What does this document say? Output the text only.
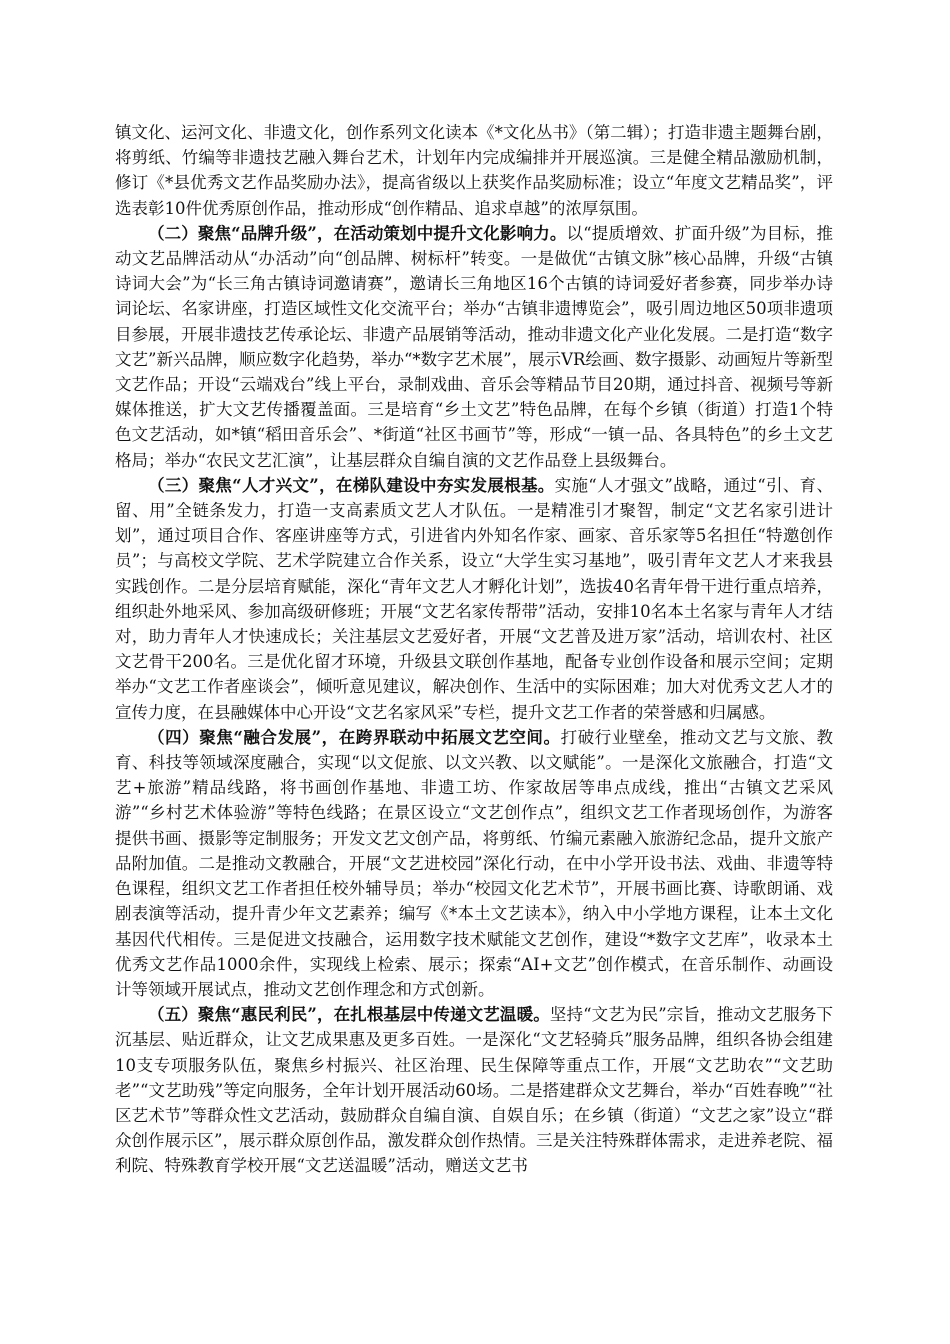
镇文化、运河文化、非遗文化，创作系列文化读本《*文化丛书》（第二辑）；打造非遗主题舞台剧，将剪纸、竹编等非遗技艺融入舞台艺术，计划年内完成编排并开展巡演。三是健全精品激励机制，修订《*县优秀文艺作品奖励办法》，提高省级以上获奖作品奖励标准；设立“年度文艺精品奖”，评选表彰10件优秀原创作品，推动形成“创作精品、追求卓越”的浓厚氛围。

（二）聚焦“品牌升级”，在活动策划中提升文化影响力。以“提质增效、扩面升级”为目标，推动文艺品牌活动从“办活动”向“创品牌、树标杆”转变。一是做优“古镇文脉”核心品牌，升级“古镇诗词大会”为“长三角古镇诗词邀请赛”，邀请长三角地区16个古镇的诗词爱好者参赛，同步举办诗词论坛、名家讲座，打造区域性文化交流平台；举办“古镇非遗博览会”，吸引周边地区50项非遗项目参展，开展非遗技艺传承论坛、非遗产品展销等活动，推动非遗文化产业化发展。二是打造“数字文艺”新兴品牌，顺应数字化趋势，举办“*数字艺术展”，展示VR绘画、数字摄影、动画短片等新型文艺作品；开设“云端戏台”线上平台，录制戏曲、音乐会等精品节目20期，通过抖音、视频号等新媒体推送，扩大文艺传播覆盖面。三是培育“乡土文艺”特色品牌，在每个乡镇（街道）打造1个特色文艺活动，如*镇“稻田音乐会”、*街道“社区书画节”等，形成“一镇一品、各具特色”的乡土文艺格局；举办“农民文艺汇演”，让基层群众自编自演的文艺作品登上县级舞台。

（三）聚焦“人才兴文”，在梯队建设中夯实发展根基。实施“人才强文”战略，通过“引、育、留、用”全链条发力，打造一支高素质文艺人才队伍。一是精准引才聚智，制定“文艺名家引进计划”，通过项目合作、客座讲座等方式，引进省内外知名作家、画家、音乐家等5名担任“特邀创作员”；与高校文学院、艺术学院建立合作关系，设立“大学生实习基地”，吸引青年文艺人才来我县实践创作。二是分层培育赋能，深化“青年文艺人才孵化计划”，选拔40名青年骨干进行重点培养，组织赴外地采风、参加高级研修班；开展“文艺名家传帮带”活动，安排10名本土名家与青年人才结对，助力青年人才快速成长；关注基层文艺爱好者，开展“文艺普及进万家”活动，培训农村、社区文艺骨干200名。三是优化留才环境，升级县文联创作基地，配备专业创作设备和展示空间；定期举办“文艺工作者座谈会”，倾听意见建议，解决创作、生活中的实际困难；加大对优秀文艺人才的宣传力度，在县融媒体中心开设“文艺名家风采”专栏，提升文艺工作者的荣誉感和归属感。

（四）聚焦“融合发展”，在跨界联动中拓展文艺空间。打破行业壁垒，推动文艺与文旅、教育、科技等领域深度融合，实现“以文促旅、以文兴教、以文赋能”。一是深化文旅融合，打造“文艺+旅游”精品线路，将书画创作基地、非遗工坊、作家故居等串点成线，推出“古镇文艺采风游”“乡村艺术体验游”等特色线路；在景区设立“文艺创作点”，组织文艺工作者现场创作，为游客提供书画、摄影等定制服务；开发文艺文创产品，将剪纸、竹编元素融入旅游纪念品，提升文旅产品附加值。二是推动文教融合，开展“文艺进校园”深化行动，在中小学开设书法、戏曲、非遗等特色课程，组织文艺工作者担任校外辅导员；举办“校园文化艺术节”，开展书画比赛、诗歌朗诵、戏剧表演等活动，提升青少年文艺素养；编写《*本土文艺读本》，纳入中小学地方课程，让本土文化基因代代相传。三是促进文技融合，运用数字技术赋能文艺创作，建设“*数字文艺库”，收录本土优秀文艺作品1000余件，实现线上检索、展示；探索“AI+文艺”创作模式，在音乐制作、动画设计等领域开展试点，推动文艺创作理念和方式创新。

（五）聚焦“惠民利民”，在扎根基层中传递文艺温暖。坚持“文艺为民”宗旨，推动文艺服务下沉基层、贴近群众，让文艺成果惠及更多百姓。一是深化“文艺轻骑兵”服务品牌，组织各协会组建10支专项服务队伍，聚焦乡村振兴、社区治理、民生保障等重点工作，开展“文艺助农”“文艺助老”“文艺助残”等定向服务，全年计划开展活动60场。二是搭建群众文艺舞台，举办“百姓春晚”“社区艺术节”等群众性文艺活动，鼓励群众自编自演、自娱自乐；在乡镇（街道）“文艺之家”设立“群众创作展示区”，展示群众原创作品，激发群众创作热情。三是关注特殊群体需求，走进养老院、福利院、特殊教育学校开展“文艺送温暖”活动，赠送文艺书
